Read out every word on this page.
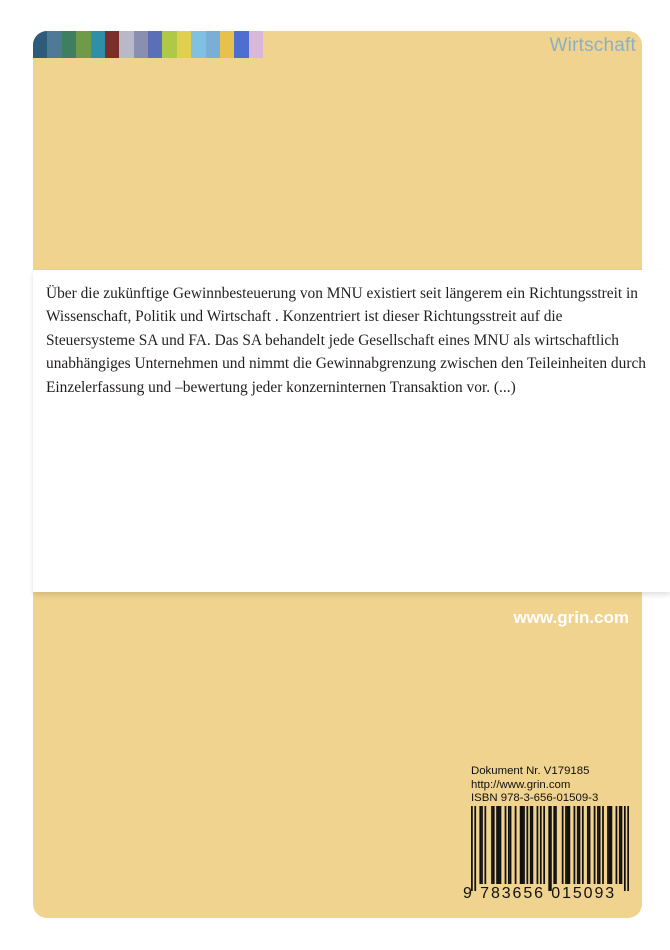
Wirtschaft
www.grin.com
Dokument Nr. V179185
http://www.grin.com
ISBN 978-3-656-01509-3
9 783656 015093

Über die zukünftige Gewinnbesteuerung von MNU existiert seit längerem ein Richtungsstreit in Wissenschaft, Politik und Wirtschaft . Konzentriert ist dieser Richtungsstreit auf die Steuersysteme SA und FA. Das SA behandelt jede Gesellschaft eines MNU als wirtschaftlich unabhängiges Unternehmen und nimmt die Gewinnabgrenzung zwischen den Teileinheiten durch Einzelerfassung und –bewertung jeder konzerninternen Transaktion vor. (...)
